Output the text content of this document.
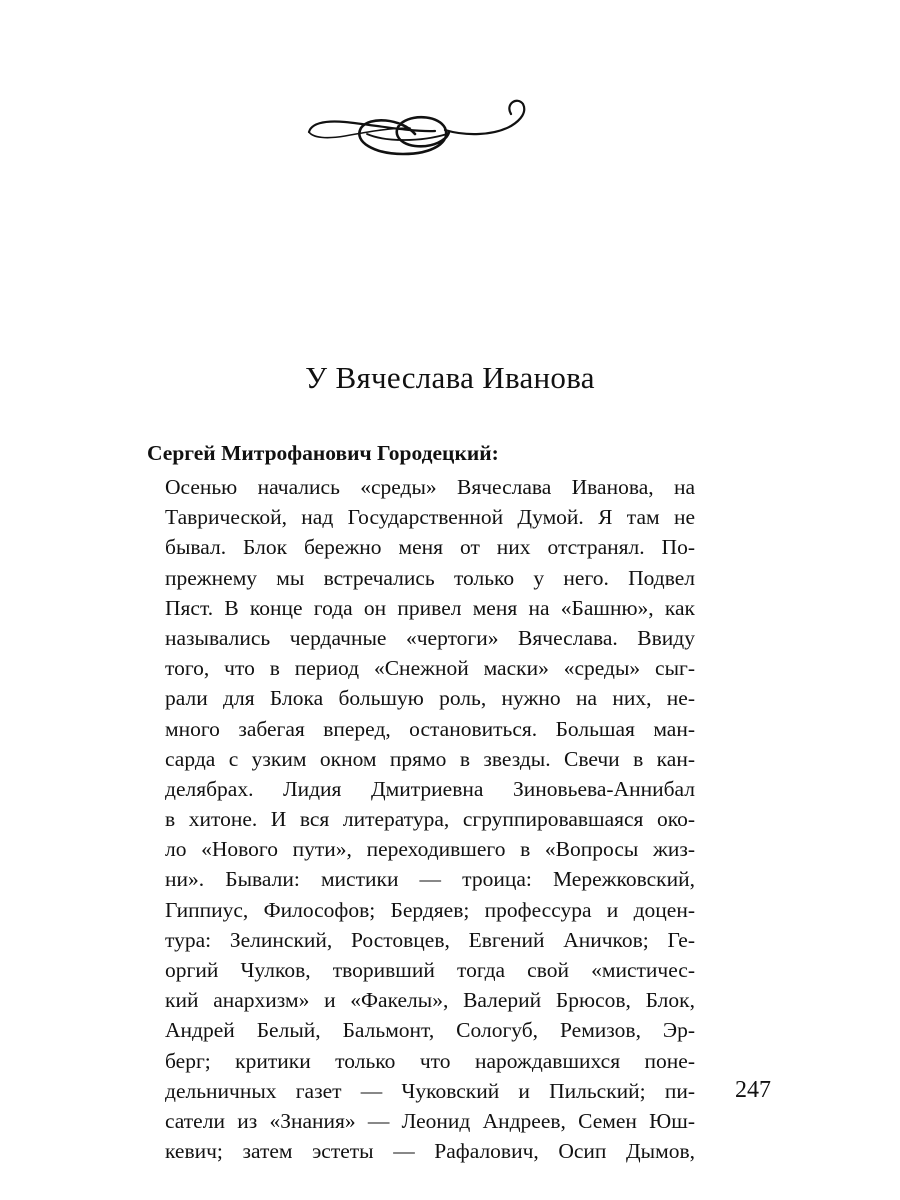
У Вячеслава Иванова

Сергей Митрофанович Городецкий:

Осенью начались «среды» Вячеслава Иванова, на
Таврической, над Государственной Думой. Я там не
бывал. Блок бережно меня от них отстранял. По-
прежнему мы встречались только у него. Подвел
Пяст. В конце года он привел меня на «Башню», как
назывались чердачные «чертоги» Вячеслава. Ввиду
того, что в период «Снежной маски» «среды» сыг-
рали для Блока большую роль, нужно на них, не-
много забегая вперед, остановиться. Большая ман-
сарда с узким окном прямо в звезды. Свечи в кан-
делябрах. Лидия Дмитриевна Зиновьева-Аннибал
в хитоне. И вся литература, сгруппировавшаяся око-
ло «Нового пути», переходившего в «Вопросы жиз-
ни». Бывали: мистики — троица: Мережковский,
Гиппиус, Философов; Бердяев; профессура и доцен-
тура: Зелинский, Ростовцев, Евгений Аничков; Ге-
оргий Чулков, творивший тогда свой «мистичес-
кий анархизм» и «Факелы», Валерий Брюсов, Блок,
Андрей Белый, Бальмонт, Сологуб, Ремизов, Эр-
берг; критики только что нарождавшихся поне-
дельничных газет — Чуковский и Пильский; пи-
сатели из «Знания» — Леонид Андреев, Семен Юш-
кевич; затем эстеты — Рафалович, Осип Дымов,

247
